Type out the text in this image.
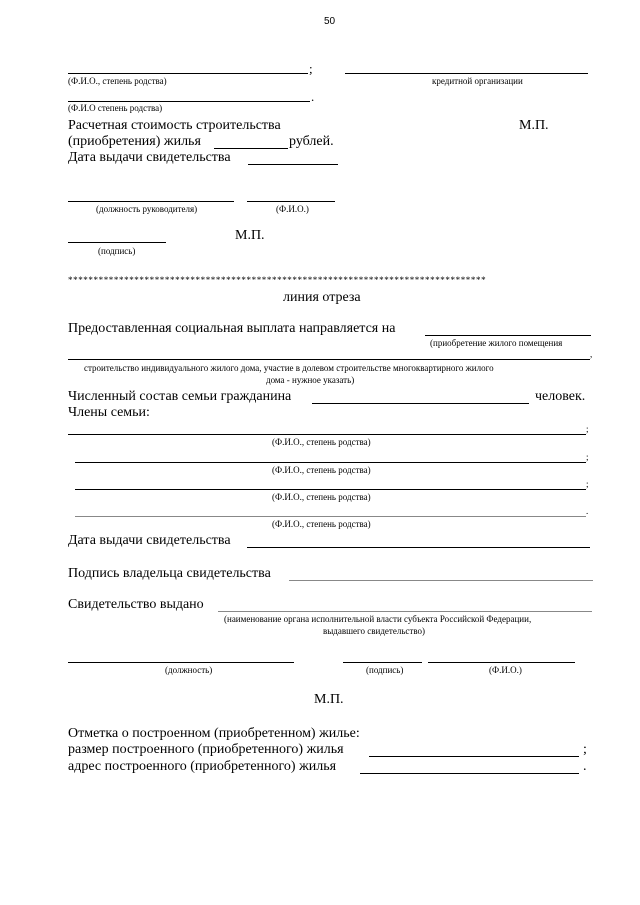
50
;
(Ф.И.О., степень родства)	кредитной организации
.
(Ф.И.О степень родства)
Расчетная стоимость строительства	М.П.
(приобретения) жилья	рублей.
Дата выдачи свидетельства
(должность руководителя)	(Ф.И.О.)
М.П.
(подпись)
**********************************************************************************
линия отреза
Предоставленная социальная выплата направляется на
(приобретение жилого помещения
,
строительство индивидуального жилого дома, участие в долевом строительстве многоквартирного жилого
дома - нужное указать)
Численный состав семьи гражданина	человек.
Члены семьи:
;
(Ф.И.О., степень родства)
;
(Ф.И.О., степень родства)
;
(Ф.И.О., степень родства)
.
(Ф.И.О., степень родства)
Дата выдачи свидетельства
Подпись владельца свидетельства
Свидетельство выдано
(наименование органа исполнительной власти субъекта Российской Федерации,
выдавшего свидетельство)
(должность)	(подпись)	(Ф.И.О.)
М.П.
Отметка о построенном (приобретенном) жилье:
размер построенного (приобретенного) жилья	;
адрес построенного (приобретенного) жилья	.
